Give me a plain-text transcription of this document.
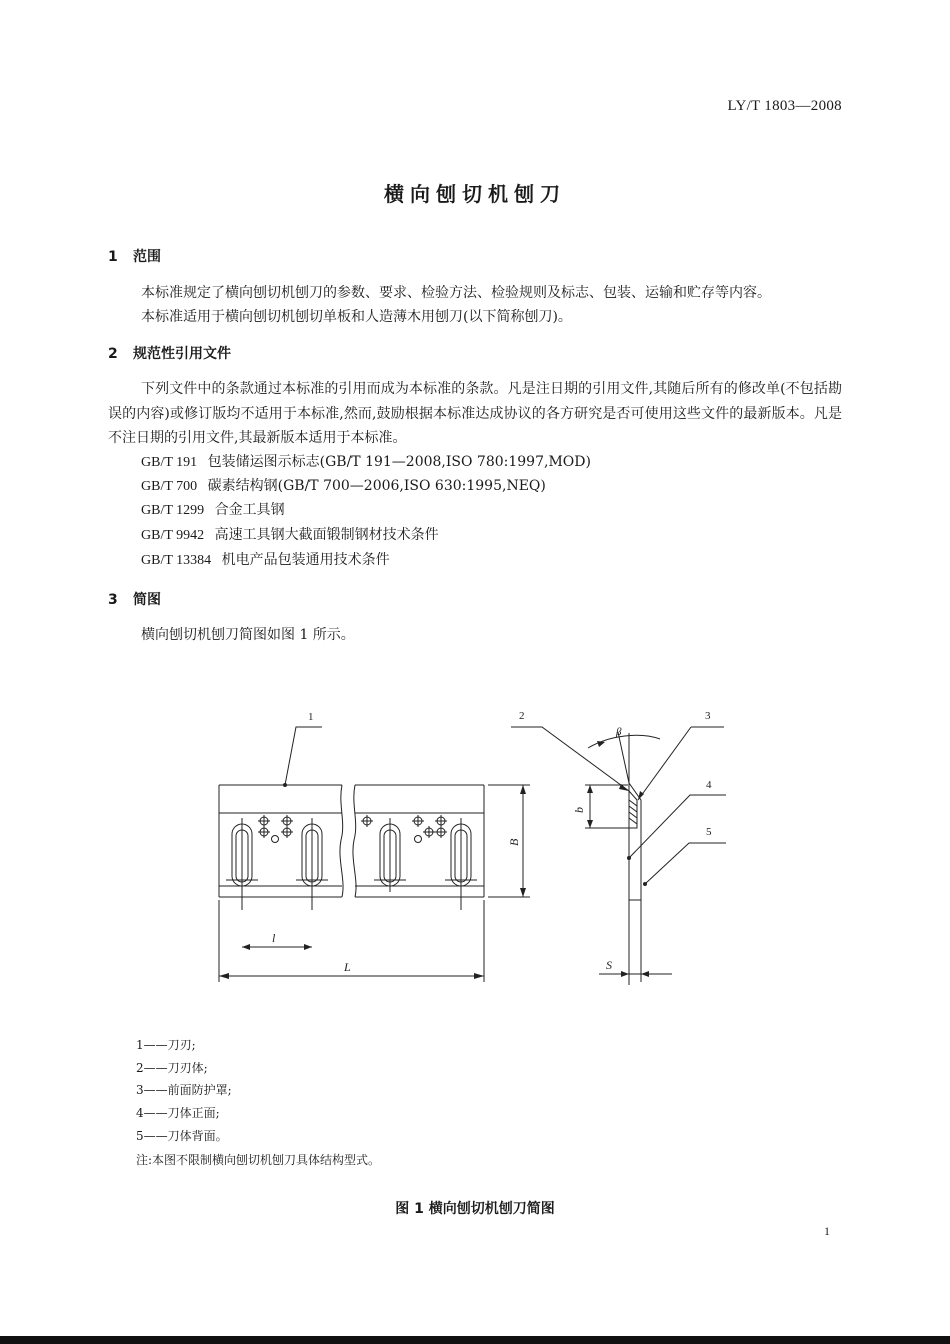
LY/T 1803—2008
横向刨切机刨刀
1 范围
本标准规定了横向刨切机刨刀的参数、要求、检验方法、检验规则及标志、包装、运输和贮存等内容。
本标准适用于横向刨切机刨切单板和人造薄木用刨刀(以下简称刨刀)。
2 规范性引用文件
下列文件中的条款通过本标准的引用而成为本标准的条款。凡是注日期的引用文件,其随后所有的修改单(不包括勘误的内容)或修订版均不适用于本标准,然而,鼓励根据本标准达成协议的各方研究是否可使用这些文件的最新版本。凡是不注日期的引用文件,其最新版本适用于本标准。
GB/T 191 包装储运图示标志(GB/T 191—2008,ISO 780:1997,MOD)
GB/T 700 碳素结构钢(GB/T 700—2006,ISO 630:1995,NEQ)
GB/T 1299 合金工具钢
GB/T 9942 高速工具钢大截面锻制钢材技术条件
GB/T 13384 机电产品包装通用技术条件
3 简图
横向刨切机刨刀简图如图 1 所示。
1	2	3
4
5
L
l
B
b
S
β
1——刀刃;
2——刀刃体;
3——前面防护罩;
4——刀体正面;
5——刀体背面。
注:本图不限制横向刨切机刨刀具体结构型式。
图 1 横向刨切机刨刀简图
1
